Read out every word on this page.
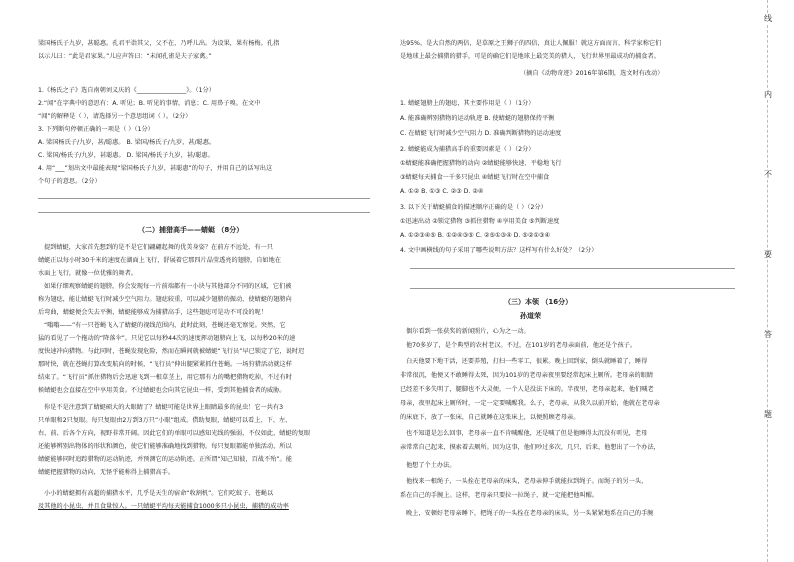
梁国杨氏子九岁，甚聪惠。孔君平诣其父，父不在，乃呼儿出。为设果，果有杨梅。孔指
以示儿曰：“此是君家果。”儿应声答曰：“未闻孔雀是夫子家禽。”
1.《杨氏之子》选自南朝刘义庆的《________________》。（1分）
2.“闻”在字典中的意思有：A. 听见；B. 听见的事情、消息；C. 用鼻子嗅。在文中
“闻”的解释是（ ），请选择另一个意思组词（ ）。（2分）
3. 下列断句停顿正确的一项是（ ）（1分）
A. 梁国杨氏子/九岁，甚/聪惠。 B. 梁国/杨氏子/九岁，甚/聪惠。
C. 梁国/杨氏子/九岁，甚聪惠。 D. 梁国/杨氏子九岁，甚/聪惠。
4. 用“___”划出文中最能表现“梁国杨氏子九岁，甚聪惠”的句子，并用自己的话写出这
个句子的意思。（2分）
（二）捕猎高手——蜻蜓 （8分）
提到蜻蜓，大家首先想到的是不是它们翩翩起舞的优美身姿？在前方不远处，有一只
蜻蜓正以每小时30千米的速度在湖面上飞行，舒展着它那四片晶莹透亮的翅膀，自如地在
水面上飞行，就像一位优雅的舞者。
如果仔细观察蜻蜓的翅膀，你会发现每一片前端都有一小块与其他部分不同的区域，它们被
称为翅痣，能让蜻蜓飞行时减少空气阻力。翅痣较重，可以减少翅膀的振动，使蜻蜓的翅膀向
后弯曲，蜻蜓便会失去平衡，蜻蜓能够成为捕猎高手，这些翅痣可是功不可没的呢！
“嗡嗡——”有一只苍蝇飞入了蜻蜓的视线范围内，此时此刻，苍蝇还毫无察觉。突然，它
猛的看见了一个拖动的“降落伞”。只见它以每秒44次的速度挥动翅膀向上飞，以每秒20米的速
度快速冲向猎物。与此同时，苍蝇发现危险，然而在瞬间就被蜻蜓“飞行员”早已锁定了它，说时迟
那时快，就在苍蝇打算改变航向的时候，“飞行员”伸出腿紧紧抓住苍蝇。一场狩猎活动就这样
结束了。“飞行员”抓住猎物后会迅速飞到一根草茎上，用它那有力的嘴把猎物吃掉，不过有时
候蜻蜓也会直接在空中享用美食。不过蜻蜓也会向其它昆虫一样，受到其他捕食者的威胁。
你是不是注意到了蜻蜓硕大的大眼睛了？蜻蜓可能是世界上眼睛最多的昆虫！它一共有3
只单眼和2只复眼。每只复眼由2万到3万只“小眼”组成。借助复眼，蜻蜓可以看上、下、左、
右、前、后各个方向，视野非常开阔。因此它们的单眼可以感知光线的强弱，不仅如此，蜻蜓的复眼
还能够辨别出物体的形状和颜色，使它们能够准确地找到猎物。每只复眼都能单独活动，所以
蜻蜓能够同时追踪猎物的运动轨迹，并预测它的运动轨迹。正所谓“知己知彼，百战不殆”。能
蜻蜓把握猎物的动向，无怪乎能称得上捕猎高手。
小小的蜻蜓拥有高超的捕猎水平，几乎是天生的宿命“收割机”。它们吃蚊子、苍蝇以
及其他的小昆虫，并且食量惊人。一只蜻蜓平均每天能捕食1000多只小昆虫，捕猎的成功率
达95%，是大自然的两倍，是草原之王狮子的四倍，真让人佩服！就这方面而言，科学家称它们
是地球上最会捕猎的猎手，可是的确它们是地球上最完美的猎人，飞行世界里最成功的捕食者。
（摘自《动物奇迹》2016年第6期，选文时有改动）
1. 蜻蜓翅膀上的翅痣，其主要作用是（ ）（1分）
A. 能准确辨别猎物的运动轨迹 B. 使蜻蜓的翅膀保持平衡
C. 在蜻蜓飞行时减少空气阻力 D. 准确判断猎物的运动速度
2. 蜻蜓能成为捕猎高手的重要因素是（ ）（2分）
①蜻蜓能准确把握猎物的动向 ②蜻蜓能够快速、平稳地飞行
③蜻蜓每天捕食一千多只昆虫 ④蜻蜓飞行时在空中捕食
A. ①② B. ①③ C. ②③ D. ②④
3. 以下关于蜻蜓捕食的描述顺序正确的是（ ）（2分）
①迅速出动 ②锁定猎物 ③抓住猎物 ④享用美食 ⑤判断速度
A. ①②③④⑤ B. ①②④③⑤ C. ②⑤①③④ D. ⑤②①③④
4. 文中画横线的句子采用了哪些说明方法？这样写有什么好处？（2分）
（三）本领 （16分）
孙道荣
偶尔看到一张获奖的新闻照片，心为之一动。
他70多岁了，是个典型的农村老汉。不过，在101岁的老母亲面前，他还是个孩子。
白天他要下地干活，还要养殖，打扫一些零工，很累。晚上回到家，倒头就睡着了，睡得
非常很沉，他便又不敢睡得太死，因为101岁的老母亲夜里要经常起床上厕所。老母亲的眼睛
已经差不多失明了，腿脚也不大灵便，一个人是没法下床的。半夜里，老母亲起来，他们喊老
母亲，夜里起床上厕所时，一定一定要喊醒我。么子，老母亲，从我久以前开始，他就在老母亲
的床底下，放了一张床，自己就睡在这张床上，以便照顾老母亲。
也不知道是怎么回事，老母亲一直不肯喊醒他，还是喊了但是他睡得太沉没有听见，老母
亲常常自己起来，摸索着去厕所。因为这事，他们吵过多次，几只，后来，他想出了一个办法，
他想了个土办法。
他找来一根绳子，一头拴在老母亲的床头，老母亲伸手就能拉到绳子。而绳子的另一头，
系在自己的手腕上。这样，老母亲只要拉一拉绳子，就一定能把他叫醒。
晚上，安顿好老母亲睡下，把绳子的一头拴在老母亲的床头，另一头紧紧地系在自己的手腕
线
内
不
要
答
题
